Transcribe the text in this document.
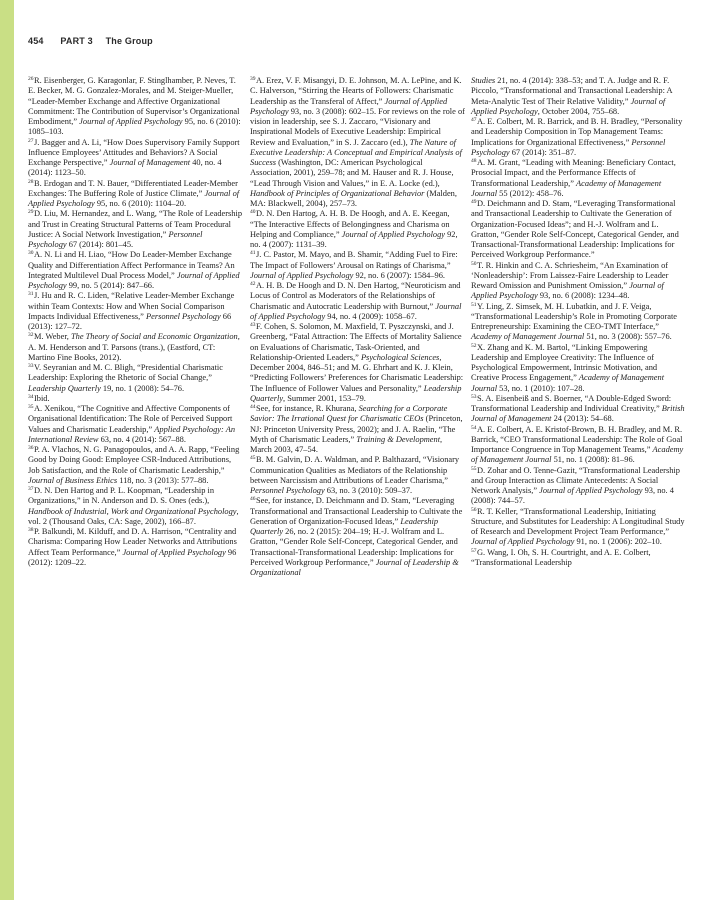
454 PART 3 The Group

$^{26}$R. Eisenberger, G. Karagonlar, F. Stinglhamber, P. Neves, T. E. Becker, M. G. Gonzalez-Morales, and M. Steiger-Mueller, “Leader-Member Exchange and Affective Organizational Commitment: The Contribution of Supervisor’s Organizational Embodiment,” Journal of Applied Psychology 95, no. 6 (2010): 1085–103.

$^{27}$J. Bagger and A. Li, “How Does Supervisory Family Support Influence Employees’ Attitudes and Behaviors? A Social Exchange Perspective,” Journal of Management 40, no. 4 (2014): 1123–50.

$^{28}$B. Erdogan and T. N. Bauer, “Differentiated Leader-Member Exchanges: The Buffering Role of Justice Climate,” Journal of Applied Psychology 95, no. 6 (2010): 1104–20.

$^{29}$D. Liu, M. Hernandez, and L. Wang, “The Role of Leadership and Trust in Creating Structural Patterns of Team Procedural Justice: A Social Network Investigation,” Personnel Psychology 67 (2014): 801–45.

$^{30}$A. N. Li and H. Liao, “How Do Leader-Member Exchange Quality and Differentiation Affect Performance in Teams? An Integrated Multilevel Dual Process Model,” Journal of Applied Psychology 99, no. 5 (2014): 847–66.

$^{31}$J. Hu and R. C. Liden, “Relative Leader-Member Exchange within Team Contexts: How and When Social Comparison Impacts Individual Effectiveness,” Personnel Psychology 66 (2013): 127–72.

$^{32}$M. Weber, The Theory of Social and Economic Organization, A. M. Henderson and T. Parsons (trans.), (Eastford, CT: Martino Fine Books, 2012).

$^{33}$V. Seyranian and M. C. Bligh, “Presidential Charismatic Leadership: Exploring the Rhetoric of Social Change,” Leadership Quarterly 19, no. 1 (2008): 54–76.

$^{34}$Ibid.

$^{35}$A. Xenikou, “The Cognitive and Affective Components of Organisational Identification: The Role of Perceived Support Values and Charismatic Leadership,” Applied Psychology: An International Review 63, no. 4 (2014): 567–88.

$^{36}$P. A. Vlachos, N. G. Panagopoulos, and A. A. Rapp, “Feeling Good by Doing Good: Employee CSR-Induced Attributions, Job Satisfaction, and the Role of Charismatic Leadership,” Journal of Business Ethics 118, no. 3 (2013): 577–88.

$^{37}$D. N. Den Hartog and P. L. Koopman, “Leadership in Organizations,” in N. Anderson and D. S. Ones (eds.), Handbook of Industrial, Work and Organizational Psychology, vol. 2 (Thousand Oaks, CA: Sage, 2002), 166–87.

$^{38}$P. Balkundi, M. Kilduff, and D. A. Harrison, “Centrality and Charisma: Comparing How Leader Networks and Attributions Affect Team Performance,” Journal of Applied Psychology 96 (2012): 1209–22.

$^{39}$A. Erez, V. F. Misangyi, D. E. Johnson, M. A. LePine, and K. C. Halverson, “Stirring the Hearts of Followers: Charismatic Leadership as the Transferal of Affect,” Journal of Applied Psychology 93, no. 3 (2008): 602–15. For reviews on the role of vision in leadership, see S. J. Zaccaro, “Visionary and Inspirational Models of Executive Leadership: Empirical Review and Evaluation,” in S. J. Zaccaro (ed.), The Nature of Executive Leadership: A Conceptual and Empirical Analysis of Success (Washington, DC: American Psychological Association, 2001), 259–78; and M. Hauser and R. J. House, “Lead Through Vision and Values,” in E. A. Locke (ed.), Handbook of Principles of Organizational Behavior (Malden, MA: Blackwell, 2004), 257–73.

$^{40}$D. N. Den Hartog, A. H. B. De Hoogh, and A. E. Keegan, “The Interactive Effects of Belongingness and Charisma on Helping and Compliance,” Journal of Applied Psychology 92, no. 4 (2007): 1131–39.

$^{41}$J. C. Pastor, M. Mayo, and B. Shamir, “Adding Fuel to Fire: The Impact of Followers’ Arousal on Ratings of Charisma,” Journal of Applied Psychology 92, no. 6 (2007): 1584–96.

$^{42}$A. H. B. De Hoogh and D. N. Den Hartog, “Neuroticism and Locus of Control as Moderators of the Relationships of Charismatic and Autocratic Leadership with Burnout,” Journal of Applied Psychology 94, no. 4 (2009): 1058–67.

$^{43}$F. Cohen, S. Solomon, M. Maxfield, T. Pyszczynski, and J. Greenberg, “Fatal Attraction: The Effects of Mortality Salience on Evaluations of Charismatic, Task-Oriented, and Relationship-Oriented Leaders,” Psychological Sciences, December 2004, 846–51; and M. G. Ehrhart and K. J. Klein, “Predicting Followers’ Preferences for Charismatic Leadership: The Influence of Follower Values and Personality,” Leadership Quarterly, Summer 2001, 153–79.

$^{44}$See, for instance, R. Khurana, Searching for a Corporate Savior: The Irrational Quest for Charismatic CEOs (Princeton, NJ: Princeton University Press, 2002); and J. A. Raelin, “The Myth of Charismatic Leaders,” Training & Development, March 2003, 47–54.

$^{45}$B. M. Galvin, D. A. Waldman, and P. Balthazard, “Visionary Communication Qualities as Mediators of the Relationship between Narcissism and Attributions of Leader Charisma,” Personnel Psychology 63, no. 3 (2010): 509–37.

$^{46}$See, for instance, D. Deichmann and D. Stam, “Leveraging Transformational and Transactional Leadership to Cultivate the Generation of Organization-Focused Ideas,” Leadership Quarterly 26, no. 2 (2015): 204–19; H.-J. Wolfram and L. Gratton, “Gender Role Self-Concept, Categorical Gender, and Transactional-Transformational Leadership: Implications for Perceived Workgroup Performance,” Journal of Leadership & Organizational

Studies 21, no. 4 (2014): 338–53; and T. A. Judge and R. F. Piccolo, “Transformational and Transactional Leadership: A Meta-Analytic Test of Their Relative Validity,” Journal of Applied Psychology, October 2004, 755–68.

$^{47}$A. E. Colbert, M. R. Barrick, and B. H. Bradley, “Personality and Leadership Composition in Top Management Teams: Implications for Organizational Effectiveness,” Personnel Psychology 67 (2014): 351–87.

$^{48}$A. M. Grant, “Leading with Meaning: Beneficiary Contact, Prosocial Impact, and the Performance Effects of Transformational Leadership,” Academy of Management Journal 55 (2012): 458–76.

$^{49}$D. Deichmann and D. Stam, “Leveraging Transformational and Transactional Leadership to Cultivate the Generation of Organization-Focused Ideas”; and H.-J. Wolfram and L. Gratton, “Gender Role Self-Concept, Categorical Gender, and Transactional-Transformational Leadership: Implications for Perceived Workgroup Performance.”

$^{50}$T. R. Hinkin and C. A. Schriesheim, “An Examination of ‘Nonleadership’: From Laissez-Faire Leadership to Leader Reward Omission and Punishment Omission,” Journal of Applied Psychology 93, no. 6 (2008): 1234–48.

$^{51}$Y. Ling, Z. Simsek, M. H. Lubatkin, and J. F. Veiga, “Transformational Leadership’s Role in Promoting Corporate Entrepreneurship: Examining the CEO-TMT Interface,” Academy of Management Journal 51, no. 3 (2008): 557–76.

$^{52}$X. Zhang and K. M. Bartol, “Linking Empowering Leadership and Employee Creativity: The Influence of Psychological Empowerment, Intrinsic Motivation, and Creative Process Engagement,” Academy of Management Journal 53, no. 1 (2010): 107–28.

$^{53}$S. A. Eisenbeiß and S. Boerner, “A Double-Edged Sword: Transformational Leadership and Individual Creativity,” British Journal of Management 24 (2013): 54–68.

$^{54}$A. E. Colbert, A. E. Kristof-Brown, B. H. Bradley, and M. R. Barrick, “CEO Transformational Leadership: The Role of Goal Importance Congruence in Top Management Teams,” Academy of Management Journal 51, no. 1 (2008): 81–96.

$^{55}$D. Zohar and O. Tenne-Gazit, “Transformational Leadership and Group Interaction as Climate Antecedents: A Social Network Analysis,” Journal of Applied Psychology 93, no. 4 (2008): 744–57.

$^{56}$R. T. Keller, “Transformational Leadership, Initiating Structure, and Substitutes for Leadership: A Longitudinal Study of Research and Development Project Team Performance,” Journal of Applied Psychology 91, no. 1 (2006): 202–10.

$^{57}$G. Wang, I. Oh, S. H. Courtright, and A. E. Colbert, “Transformational Leadership
